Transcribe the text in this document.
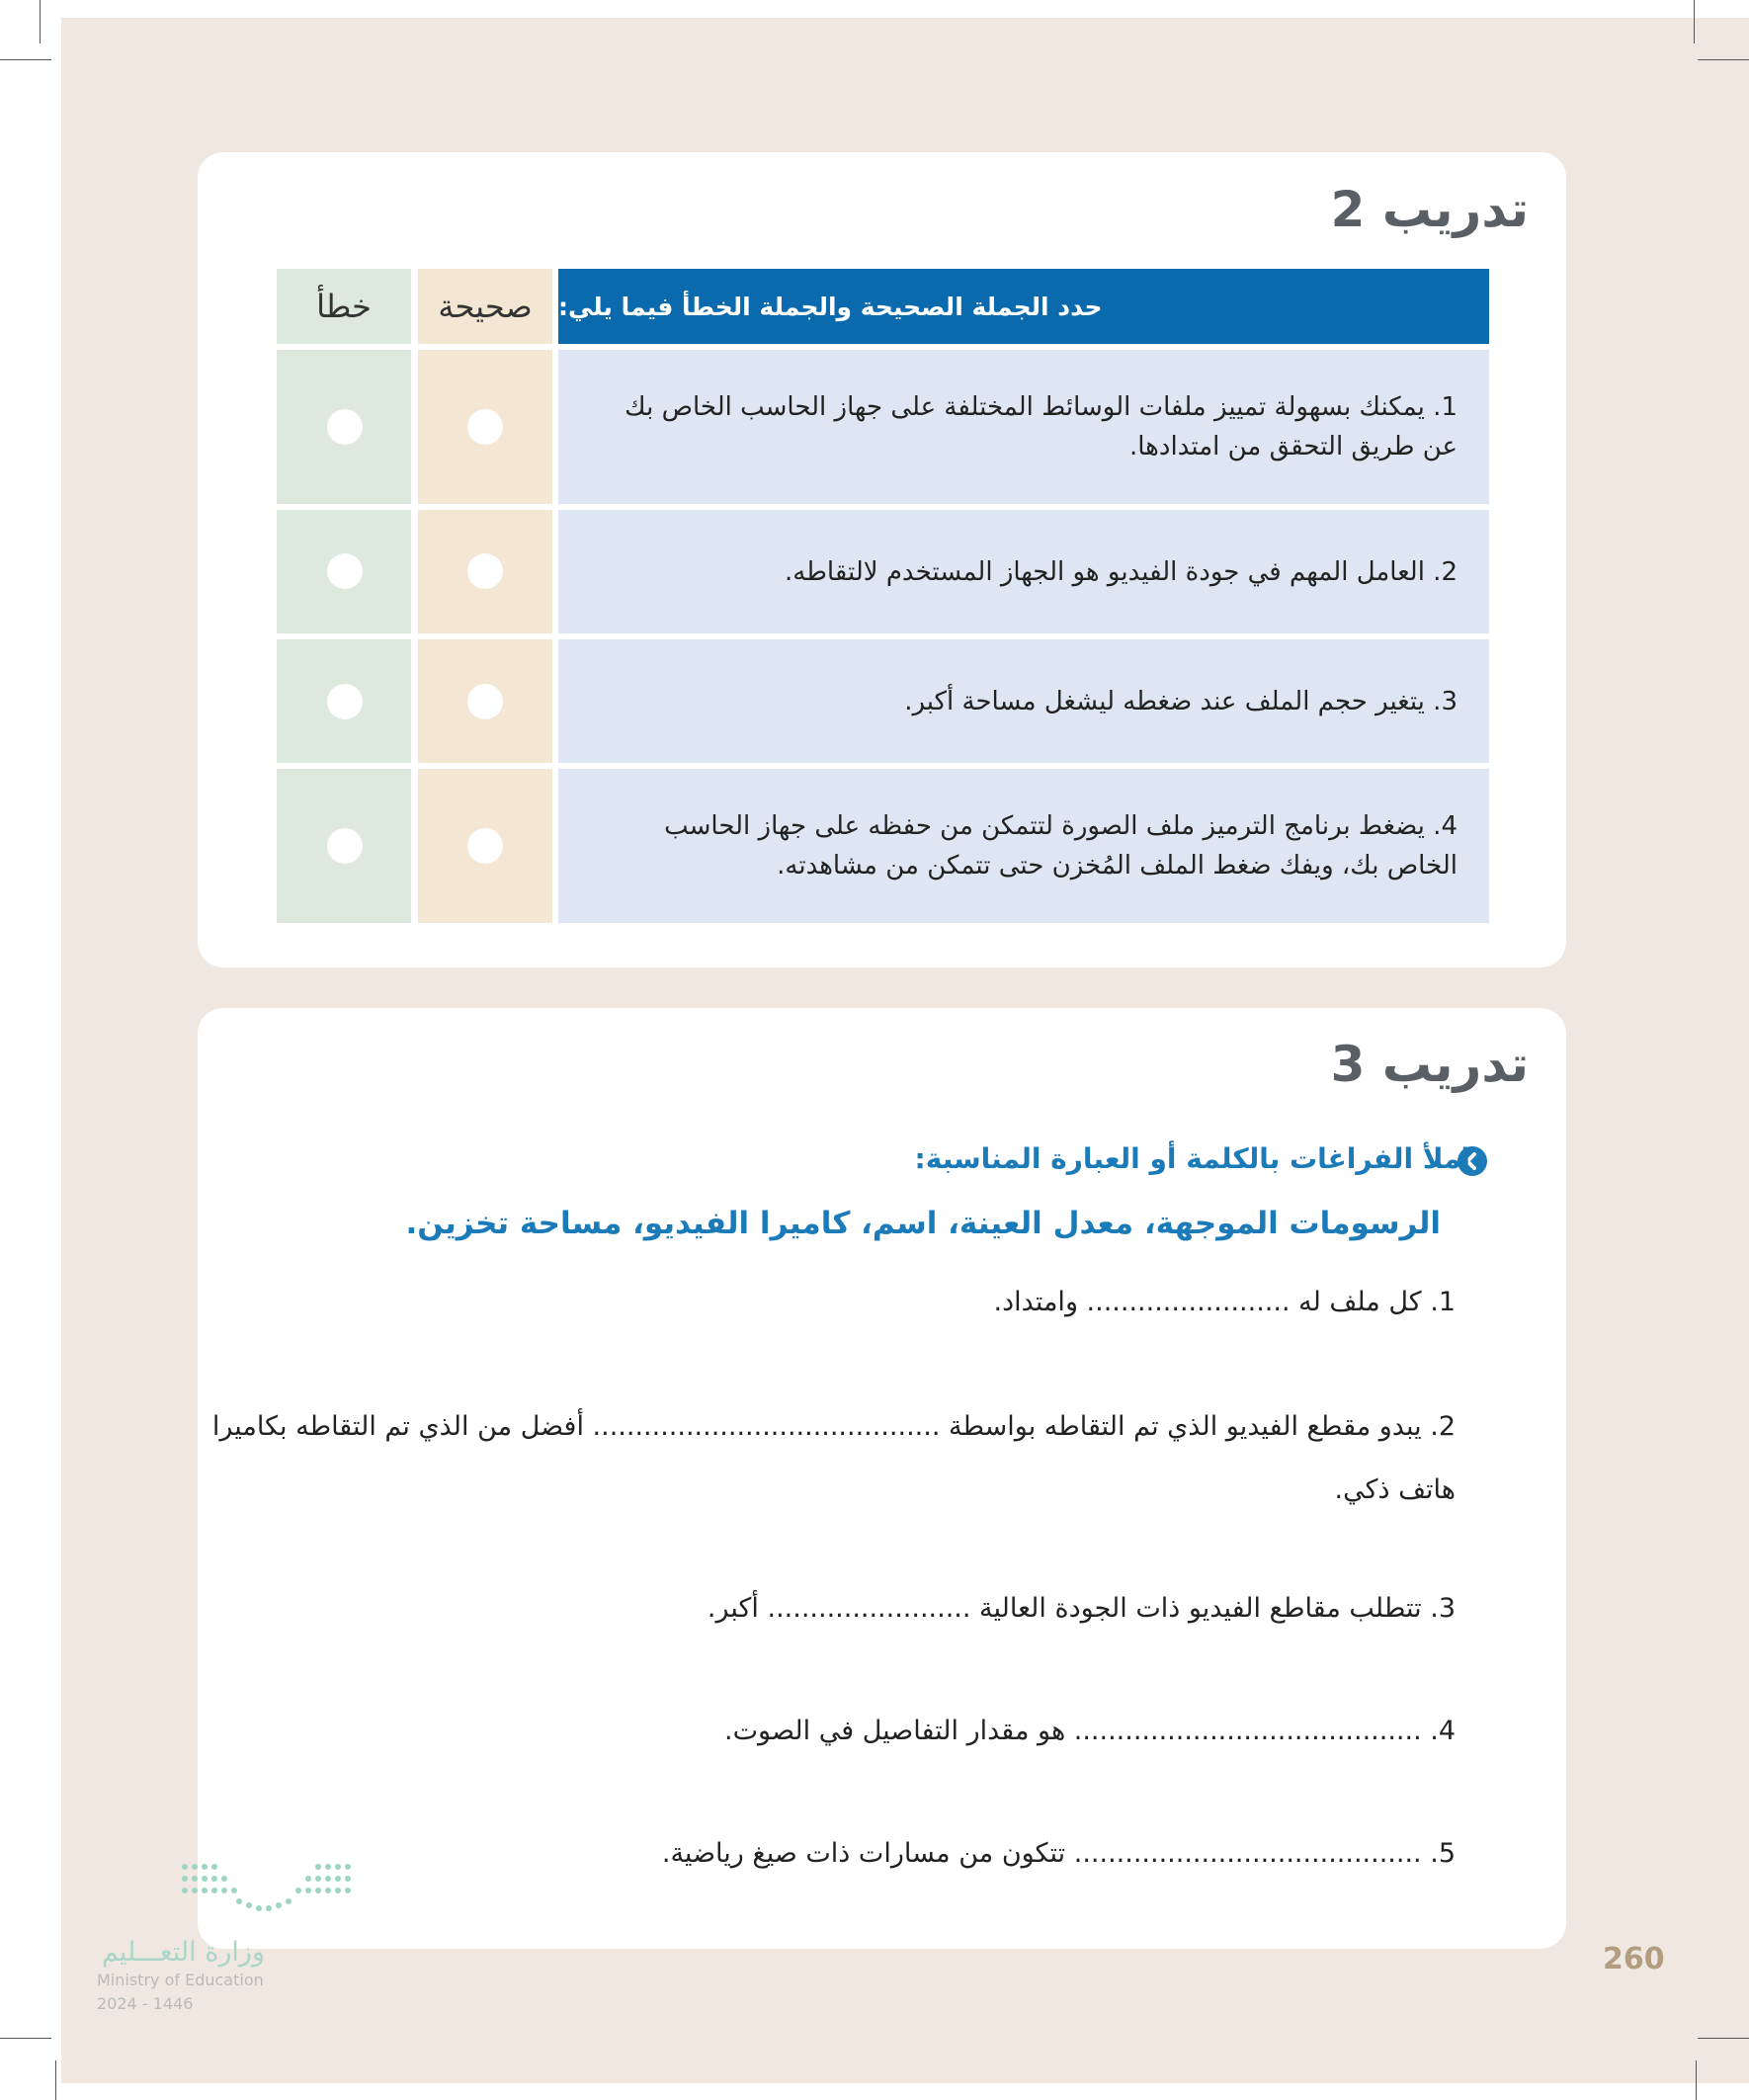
تدريب 2
حدد الجملة الصحيحة والجملة الخطأ فيما يلي:
صحيحة
خطأ
1. يمكنك بسهولة تمييز ملفات الوسائط المختلفة على جهاز الحاسب الخاص بك عن طريق التحقق من امتدادها.
2. العامل المهم في جودة الفيديو هو الجهاز المستخدم لالتقاطه.
3. يتغير حجم الملف عند ضغطه ليشغل مساحة أكبر.
4. يضغط برنامج الترميز ملف الصورة لتتمكن من حفظه على جهاز الحاسب الخاص بك، ويفك ضغط الملف المُخزن حتى تتمكن من مشاهدته.
تدريب 3
املأ الفراغات بالكلمة أو العبارة المناسبة:
الرسومات الموجهة، معدل العينة، اسم، كاميرا الفيديو، مساحة تخزين.
1. كل ملف له ........................ وامتداد.
2. يبدو مقطع الفيديو الذي تم التقاطه بواسطة ......................................... أفضل من الذي تم التقاطه بكاميرا
هاتف ذكي.
3. تتطلب مقاطع الفيديو ذات الجودة العالية ........................ أكبر.
4. ......................................... هو مقدار التفاصيل في الصوت.
5. ......................................... تتكون من مسارات ذات صيغ رياضية.
وزارة التعـــليم
Ministry of Education
2024 - 1446
260
